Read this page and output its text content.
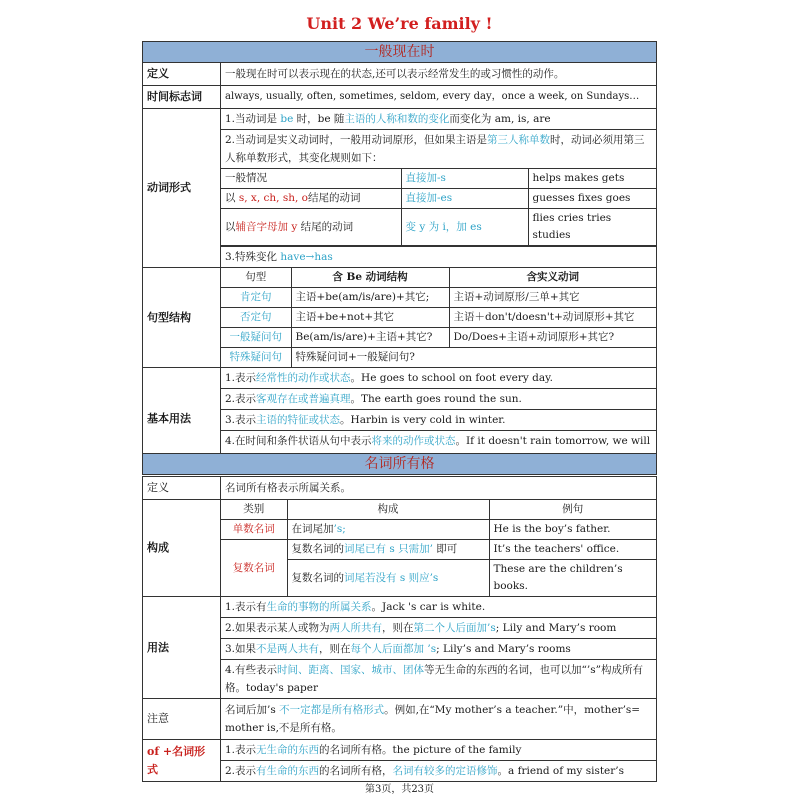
Unit 2 We’re family !
一般现在时
定义	一般现在时可以表示现在的状态,还可以表示经常发生的或习惯性的动作。
时间标志词	always, usually, often, sometimes, seldom, every day，once a week, on Sundays…
动词形式	
1.当动词是 be 时，be 随主语的人称和数的变化而变化为 am, is, are
2.当动词是实义动词时，一般用动词原形，但如果主语是第三人称单数时，动词必须用第三人称单数形式，其变化规则如下：
一般情况	直接加-s	helps makes gets
以 s, x, ch, sh, o结尾的动词	直接加-es	guesses fixes goes
以辅音字母加 y 结尾的动词	变 y 为 i，加 es	flies cries tries studies
3.特殊变化 have→has

句型结构	
句型	含 Be 动词结构	含实义动词
肯定句	主语+be(am/is/are)+其它;	主语+动词原形/三单+其它
否定句	主语+be+not+其它	主语＋don't/doesn't+动词原形+其它
一般疑问句	Be(am/is/are)+主语+其它?	Do/Does+主语+动词原形+其它?
特殊疑问句	特殊疑问词+一般疑问句?

基本用法	
1.表示经常性的动作或状态。He goes to school on foot every day.
2.表示客观存在或普遍真理。The earth goes round the sun.
3.表示主语的特征或状态。Harbin is very cold in winter.
4.在时间和条件状语从句中表示将来的动作或状态。If it doesn't rain tomorrow, we will
名词所有格
定义	名词所有格表示所属关系。
构成	
类别	构成	例句
单数名词	在词尾加’s;	He is the boy’s father.
复数名词	复数名词的词尾已有 s 只需加’ 即可	It’s the teachers' office.
复数名词的词尾若没有 s 则应’s	These are the children’s books.

用法	
1.表示有生命的事物的所属关系。Jack 's car is white.
2.如果表示某人或物为两人所共有，则在第二个人后面加’s; Lily and Mary’s room
3.如果不是两人共有，则在每个人后面都加 ’s; Lily’s and Mary’s rooms
4.有些表示时间、距离、国家、城市、团体等无生命的东西的名词，也可以加“’s”构成所有格。today's paper

注意	名词后加’s 不一定都是所有格形式。例如,在“My mother’s a teacher.”中，mother’s= mother is,不是所有格。
of +名词形式	
1.表示无生命的东西的名词所有格。the picture of the family
2.表示有生命的东西的名词所有格，名词有较多的定语修饰。a friend of my sister’s
第3页，共23页
